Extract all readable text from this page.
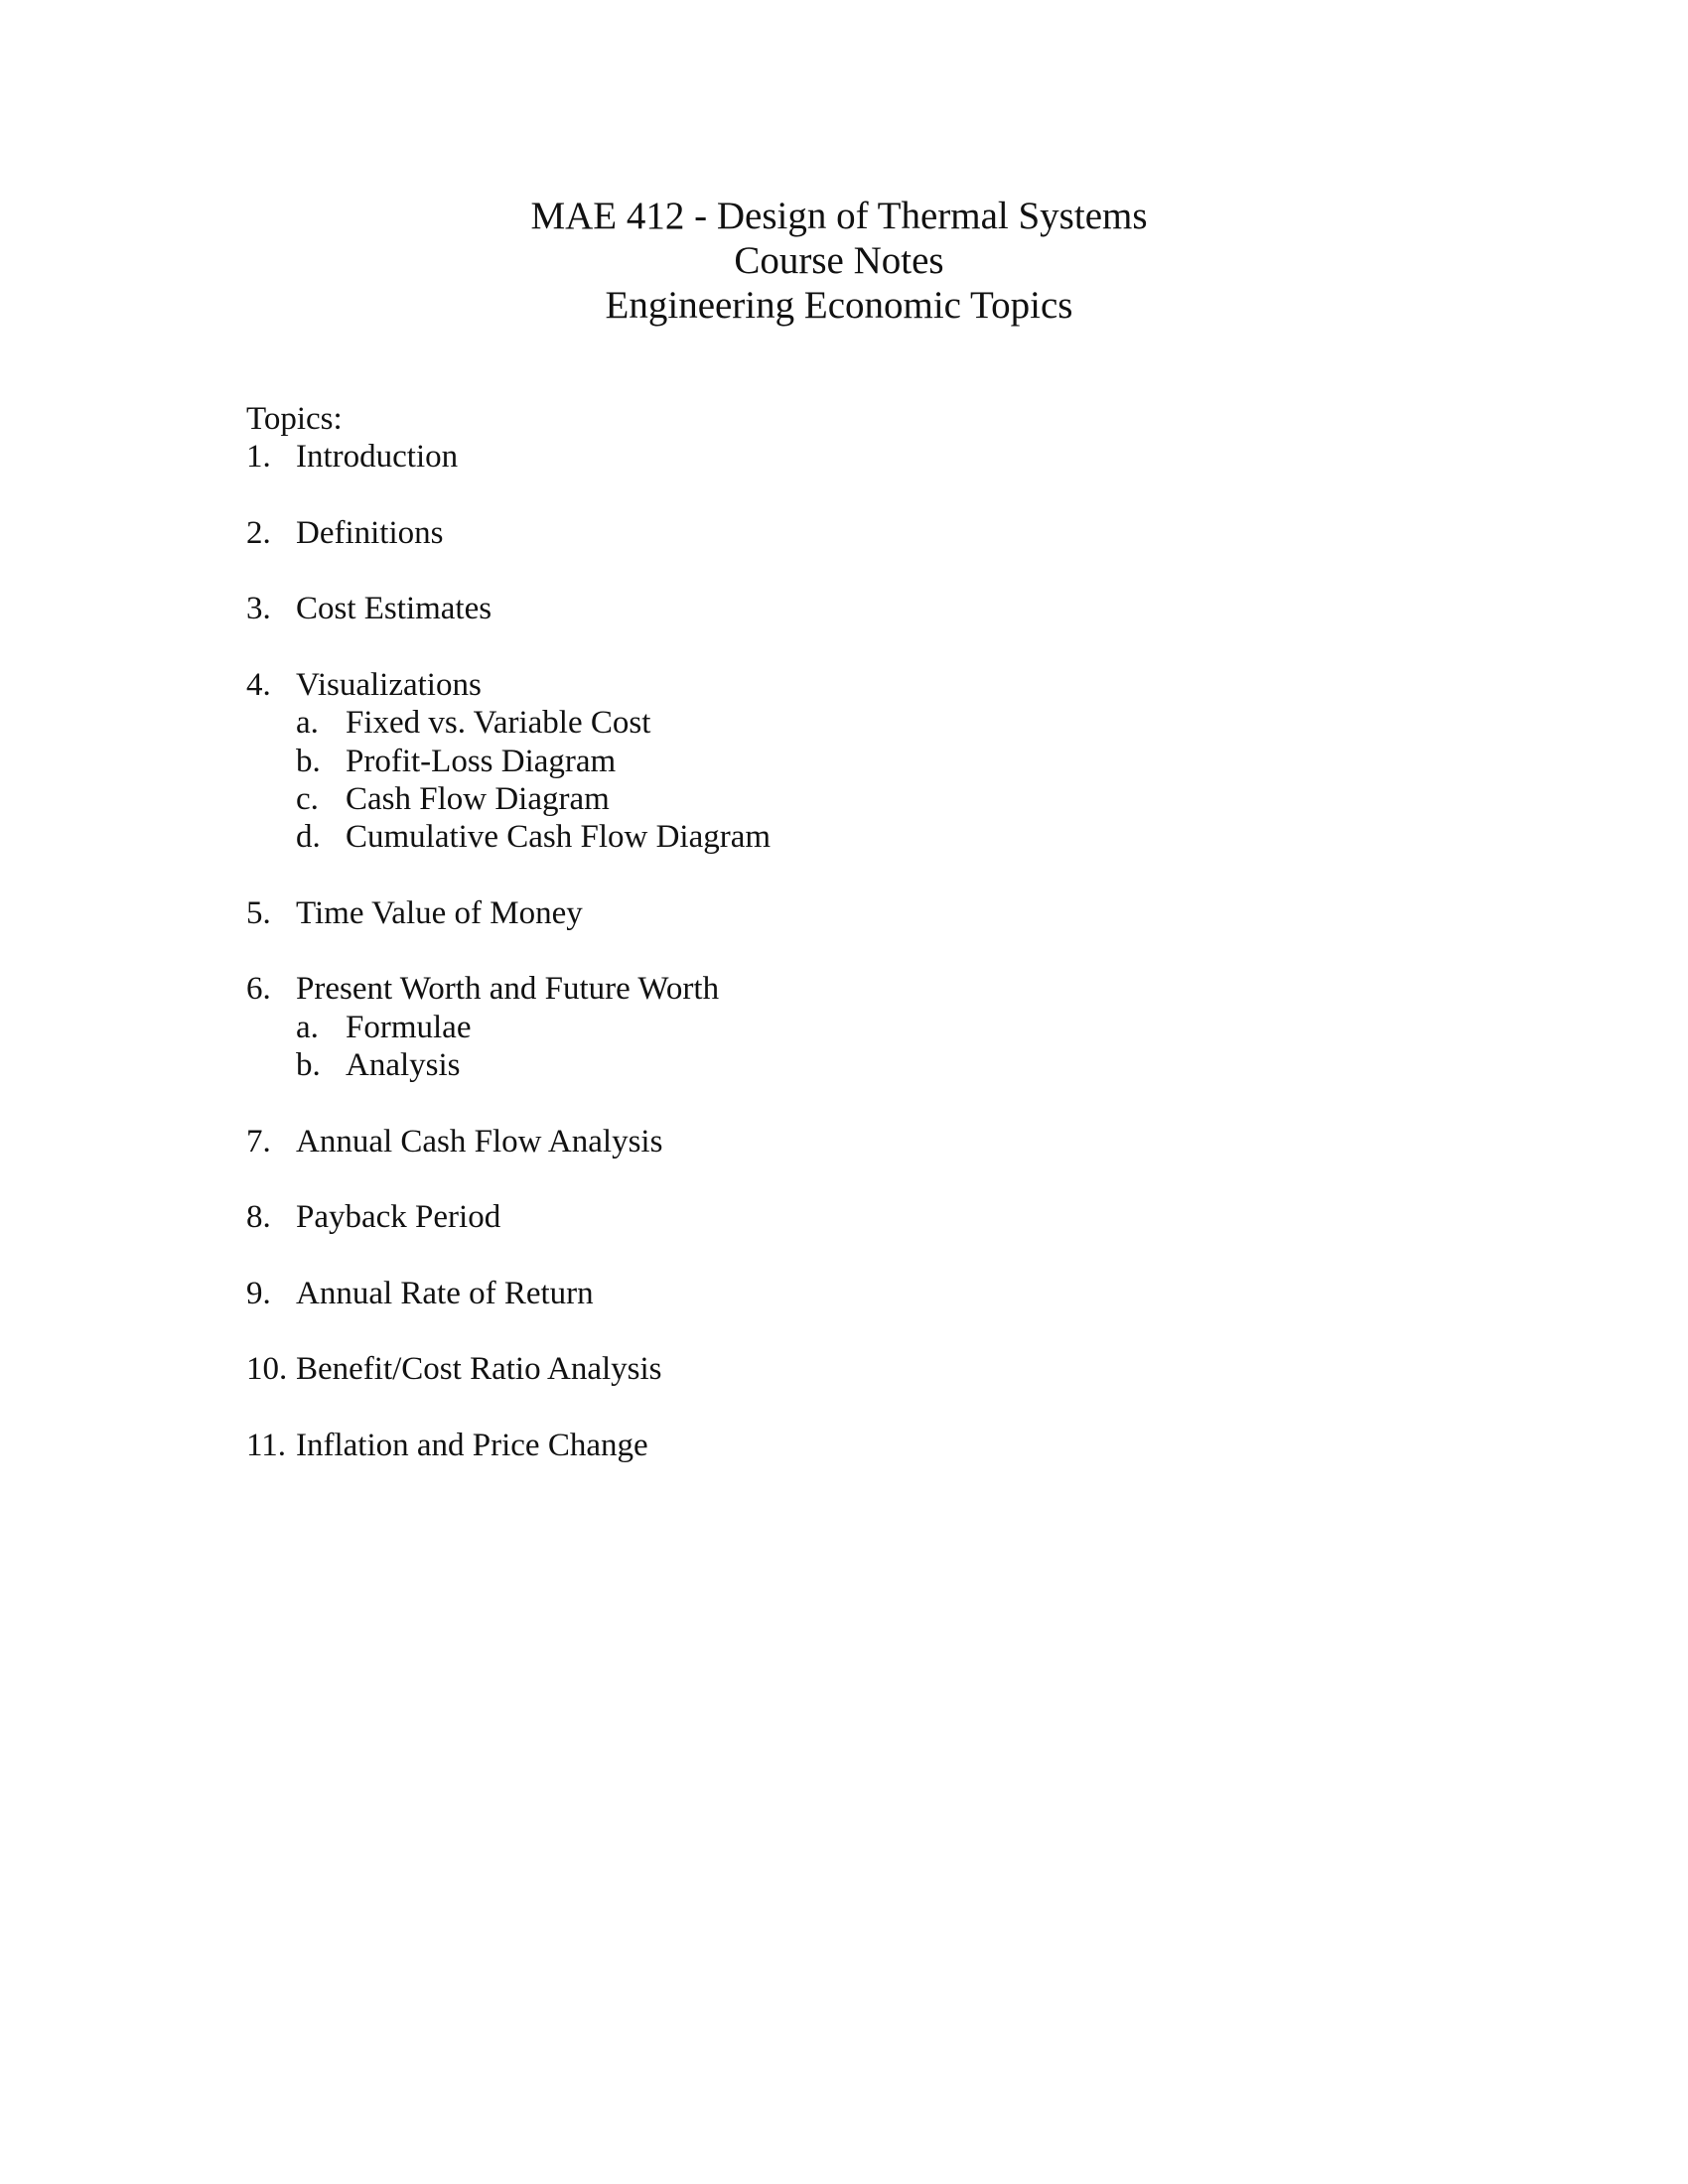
MAE 412 - Design of Thermal Systems
Course Notes
Engineering Economic Topics
Topics:
1. Introduction
2. Definitions
3. Cost Estimates
4. Visualizations
a. Fixed vs. Variable Cost
b. Profit-Loss Diagram
c. Cash Flow Diagram
d. Cumulative Cash Flow Diagram
5. Time Value of Money
6. Present Worth and Future Worth
a. Formulae
b. Analysis
7. Annual Cash Flow Analysis
8. Payback Period
9. Annual Rate of Return
10. Benefit/Cost Ratio Analysis
11. Inflation and Price Change
